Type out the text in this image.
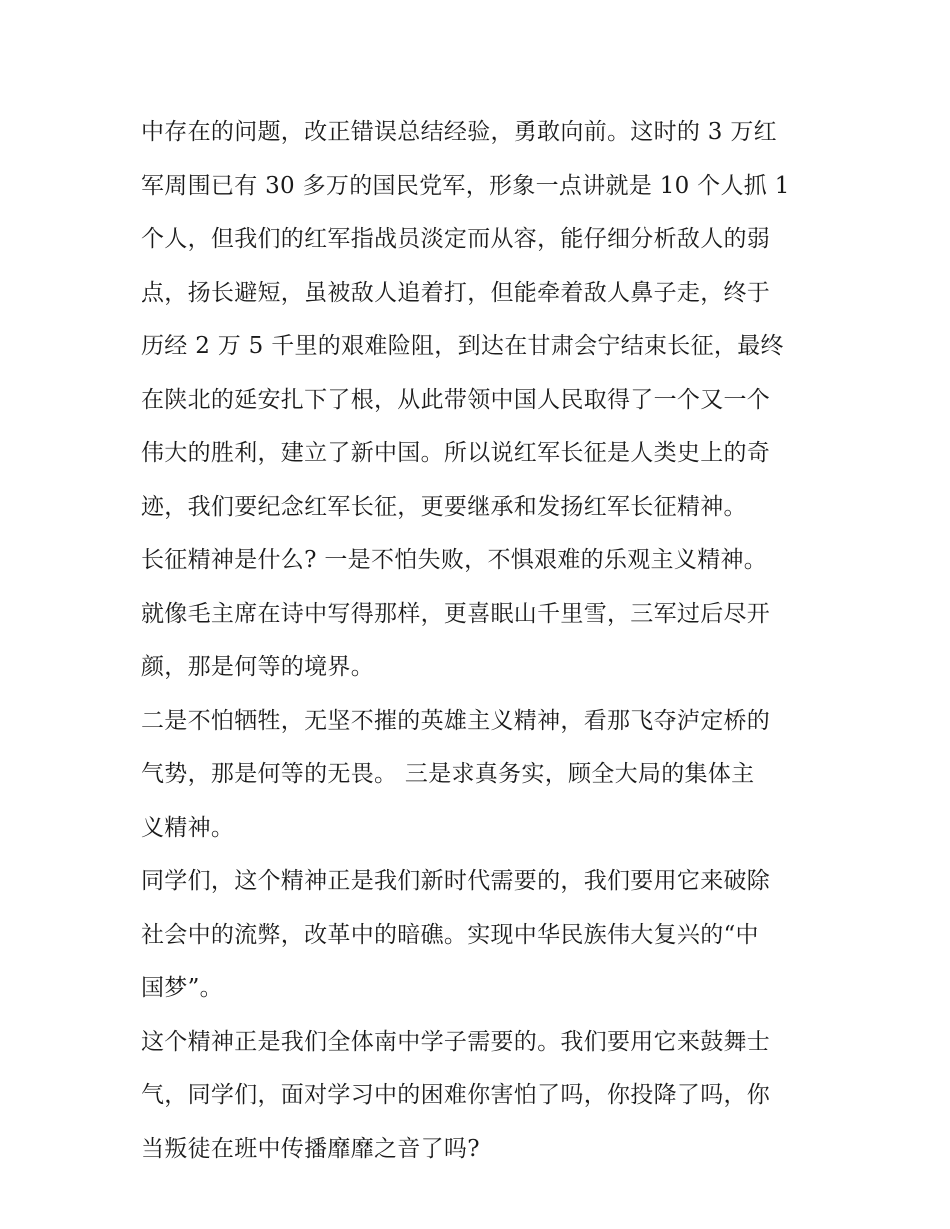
中存在的问题，改正错误总结经验，勇敢向前。这时的 3 万红
军周围已有 30 多万的国民党军，形象一点讲就是 10 个人抓 1
个人，但我们的红军指战员淡定而从容，能仔细分析敌人的弱
点，扬长避短，虽被敌人追着打，但能牵着敌人鼻子走，终于
历经 2 万 5 千里的艰难险阻，到达在甘肃会宁结束长征，最终
在陕北的延安扎下了根，从此带领中国人民取得了一个又一个
伟大的胜利，建立了新中国。所以说红军长征是人类史上的奇
迹，我们要纪念红军长征，更要继承和发扬红军长征精神。
长征精神是什么? 一是不怕失败，不惧艰难的乐观主义精神。
就像毛主席在诗中写得那样，更喜眠山千里雪，三军过后尽开
颜，那是何等的境界。
二是不怕牺牲，无坚不摧的英雄主义精神，看那飞夺泸定桥的
气势，那是何等的无畏。 三是求真务实，顾全大局的集体主
义精神。
同学们，这个精神正是我们新时代需要的，我们要用它来破除
社会中的流弊，改革中的暗礁。实现中华民族伟大复兴的“中
国梦”。
这个精神正是我们全体南中学子需要的。我们要用它来鼓舞士
气，同学们，面对学习中的困难你害怕了吗，你投降了吗，你
当叛徒在班中传播靡靡之音了吗?
